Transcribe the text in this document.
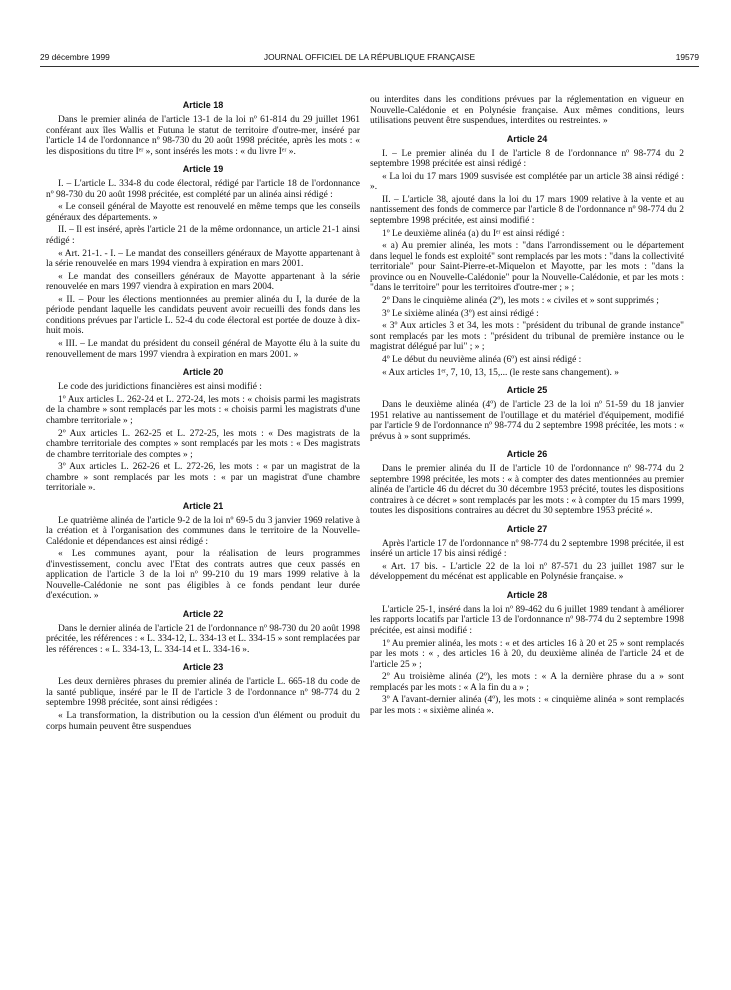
29 décembre 1999	JOURNAL OFFICIEL DE LA RÉPUBLIQUE FRANÇAISE	19579
Article 18

Dans le premier alinéa de l'article 13-1 de la loi nº 61-814 du 29 juillet 1961 conférant aux îles Wallis et Futuna le statut de territoire d'outre-mer, inséré par l'article 14 de l'ordonnance nº 98-730 du 20 août 1998 précitée, après les mots : « les dispositions du titre Iᵉʳ », sont insérés les mots : « du livre Iᵉʳ ».

Article 19

I. – L'article L. 334-8 du code électoral, rédigé par l'article 18 de l'ordonnance nº 98-730 du 20 août 1998 précitée, est complété par un alinéa ainsi rédigé :

« Le conseil général de Mayotte est renouvelé en même temps que les conseils généraux des départements. »

II. – Il est inséré, après l'article 21 de la même ordonnance, un article 21-1 ainsi rédigé :

« Art. 21-1. - I. – Le mandat des conseillers généraux de Mayotte appartenant à la série renouvelée en mars 1994 viendra à expiration en mars 2001.

« Le mandat des conseillers généraux de Mayotte appartenant à la série renouvelée en mars 1997 viendra à expiration en mars 2004.

« II. – Pour les élections mentionnées au premier alinéa du I, la durée de la période pendant laquelle les candidats peuvent avoir recueilli des fonds dans les conditions prévues par l'article L. 52-4 du code électoral est portée de douze à dix-huit mois.

« III. – Le mandat du président du conseil général de Mayotte élu à la suite du renouvellement de mars 1997 viendra à expiration en mars 2001. »

Article 20

Le code des juridictions financières est ainsi modifié :

1º Aux articles L. 262-24 et L. 272-24, les mots : « choisis parmi les magistrats de la chambre » sont remplacés par les mots : « choisis parmi les magistrats d'une chambre territoriale » ;

2º Aux articles L. 262-25 et L. 272-25, les mots : « Des magistrats de la chambre territoriale des comptes » sont remplacés par les mots : « Des magistrats de chambre territoriale des comptes » ;

3º Aux articles L. 262-26 et L. 272-26, les mots : « par un magistrat de la chambre » sont remplacés par les mots : « par un magistrat d'une chambre territoriale ».

Article 21

Le quatrième alinéa de l'article 9-2 de la loi nº 69-5 du 3 janvier 1969 relative à la création et à l'organisation des communes dans le territoire de la Nouvelle-Calédonie et dépendances est ainsi rédigé :

« Les communes ayant, pour la réalisation de leurs programmes d'investissement, conclu avec l'Etat des contrats autres que ceux passés en application de l'article 3 de la loi nº 99-210 du 19 mars 1999 relative à la Nouvelle-Calédonie ne sont pas éligibles à ce fonds pendant leur durée d'exécution. »

Article 22

Dans le dernier alinéa de l'article 21 de l'ordonnance nº 98-730 du 20 août 1998 précitée, les références : « L. 334-12, L. 334-13 et L. 334-15 » sont remplacées par les références : « L. 334-13, L. 334-14 et L. 334-16 ».

Article 23

Les deux dernières phrases du premier alinéa de l'article L. 665-18 du code de la santé publique, inséré par le II de l'article 3 de l'ordonnance nº 98-774 du 2 septembre 1998 précitée, sont ainsi rédigées :

« La transformation, la distribution ou la cession d'un élément ou produit du corps humain peuvent être suspendues

ou interdites dans les conditions prévues par la réglementation en vigueur en Nouvelle-Calédonie et en Polynésie française. Aux mêmes conditions, leurs utilisations peuvent être suspendues, interdites ou restreintes. »

Article 24

I. – Le premier alinéa du I de l'article 8 de l'ordonnance nº 98-774 du 2 septembre 1998 précitée est ainsi rédigé :

« La loi du 17 mars 1909 susvisée est complétée par un article 38 ainsi rédigé : ».

II. – L'article 38, ajouté dans la loi du 17 mars 1909 relative à la vente et au nantissement des fonds de commerce par l'article 8 de l'ordonnance nº 98-774 du 2 septembre 1998 précitée, est ainsi modifié :

1º Le deuxième alinéa (a) du Iᵉʳ est ainsi rédigé :

« a) Au premier alinéa, les mots : "dans l'arrondissement ou le département dans lequel le fonds est exploité" sont remplacés par les mots : "dans la collectivité territoriale" pour Saint-Pierre-et-Miquelon et Mayotte, par les mots : "dans la province ou en Nouvelle-Calédonie" pour la Nouvelle-Calédonie, et par les mots : "dans le territoire" pour les territoires d'outre-mer ; » ;

2º Dans le cinquième alinéa (2º), les mots : « civiles et » sont supprimés ;

3º Le sixième alinéa (3º) est ainsi rédigé :

« 3º Aux articles 3 et 34, les mots : "président du tribunal de grande instance" sont remplacés par les mots : "président du tribunal de première instance ou le magistrat délégué par lui" ; » ;

4º Le début du neuvième alinéa (6º) est ainsi rédigé :

« Aux articles 1ᵉʳ, 7, 10, 13, 15,... (le reste sans changement). »

Article 25

Dans le deuxième alinéa (4º) de l'article 23 de la loi nº 51-59 du 18 janvier 1951 relative au nantissement de l'outillage et du matériel d'équipement, modifié par l'article 9 de l'ordonnance nº 98-774 du 2 septembre 1998 précitée, les mots : « prévus à » sont supprimés.

Article 26

Dans le premier alinéa du II de l'article 10 de l'ordonnance nº 98-774 du 2 septembre 1998 précitée, les mots : « à compter des dates mentionnées au premier alinéa de l'article 46 du décret du 30 décembre 1953 précité, toutes les dispositions contraires à ce décret » sont remplacés par les mots : « à compter du 15 mars 1999, toutes les dispositions contraires au décret du 30 septembre 1953 précité ».

Article 27

Après l'article 17 de l'ordonnance nº 98-774 du 2 septembre 1998 précitée, il est inséré un article 17 bis ainsi rédigé :

« Art. 17 bis. - L'article 22 de la loi nº 87-571 du 23 juillet 1987 sur le développement du mécénat est applicable en Polynésie française. »

Article 28

L'article 25-1, inséré dans la loi nº 89-462 du 6 juillet 1989 tendant à améliorer les rapports locatifs par l'article 13 de l'ordonnance nº 98-774 du 2 septembre 1998 précitée, est ainsi modifié :

1º Au premier alinéa, les mots : « et des articles 16 à 20 et 25 » sont remplacés par les mots : « , des articles 16 à 20, du deuxième alinéa de l'article 24 et de l'article 25 » ;

2º Au troisième alinéa (2º), les mots : « A la dernière phrase du a » sont remplacés par les mots : « A la fin du a » ;

3º A l'avant-dernier alinéa (4º), les mots : « cinquième alinéa » sont remplacés par les mots : « sixième alinéa ».
